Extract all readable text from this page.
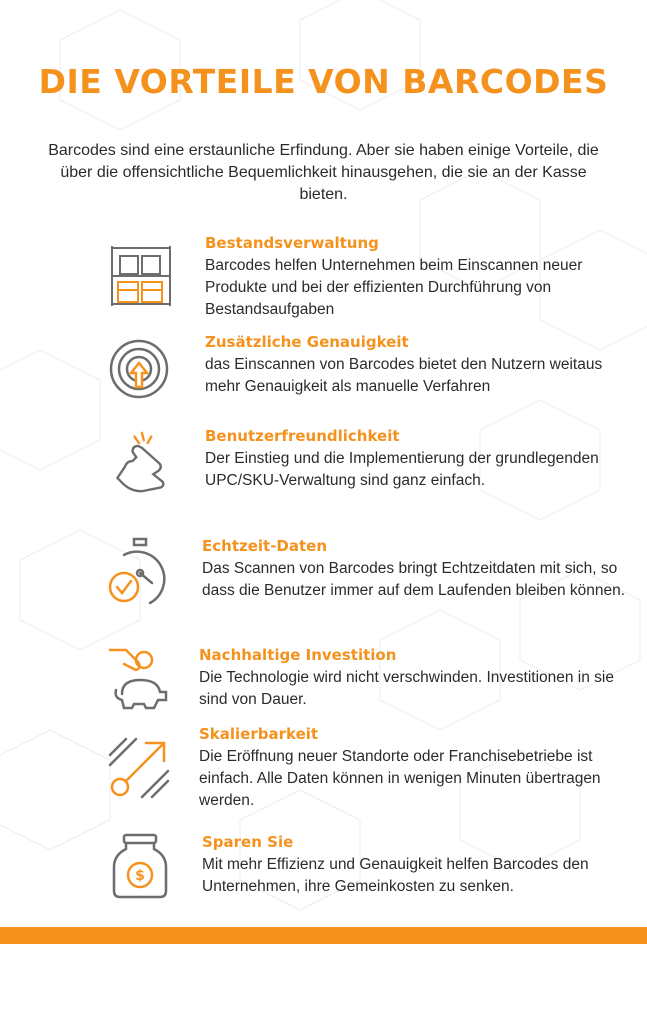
DIE VORTEILE VON BARCODES
Barcodes sind eine erstaunliche Erfindung. Aber sie haben einige Vorteile, die über die offensichtliche Bequemlichkeit hinausgehen, die sie an der Kasse bieten.
Bestandsverwaltung
Barcodes helfen Unternehmen beim Einscannen neuer Produkte und bei der effizienten Durchführung von Bestandsaufgaben
Zusätzliche Genauigkeit
das Einscannen von Barcodes bietet den Nutzern weitaus mehr Genauigkeit als manuelle Verfahren
Benutzerfreundlichkeit
Der Einstieg und die Implementierung der grundlegenden UPC/SKU-Verwaltung sind ganz einfach.
Echtzeit-Daten
Das Scannen von Barcodes bringt Echtzeitdaten mit sich, so dass die Benutzer immer auf dem Laufenden bleiben können.
Nachhaltige Investition
Die Technologie wird nicht verschwinden. Investitionen in sie sind von Dauer.
Skalierbarkeit
Die Eröffnung neuer Standorte oder Franchisebetriebe ist einfach. Alle Daten können in wenigen Minuten übertragen werden.
$
Sparen Sie
Mit mehr Effizienz und Genauigkeit helfen Barcodes den Unternehmen, ihre Gemeinkosten zu senken.
